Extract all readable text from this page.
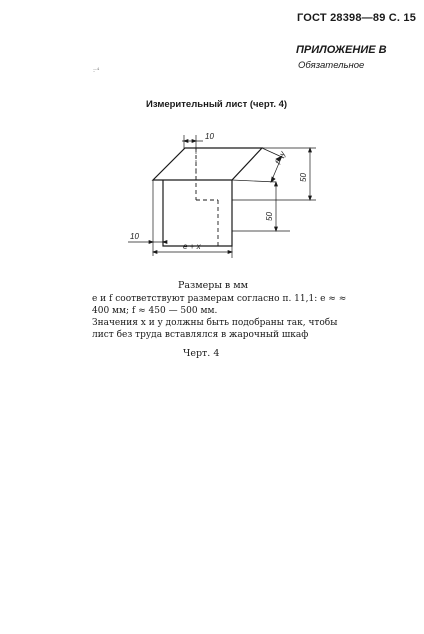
ГОСТ 28398—89 С. 15
ПРИЛОЖЕНИЕ В
Обязательное
:·⁴
Измерительный лист (черт. 4)
10
f - y
50
50
10
e + x
Размеры в мм
e и f соответствуют размерам согласно п. 11,1: e ≈ ≈ 400 мм; f ≈ 450 — 500 мм.
Значения x и y должны быть подобраны так, чтобы лист без труда вставлялся в жарочный шкаф
Черт. 4
